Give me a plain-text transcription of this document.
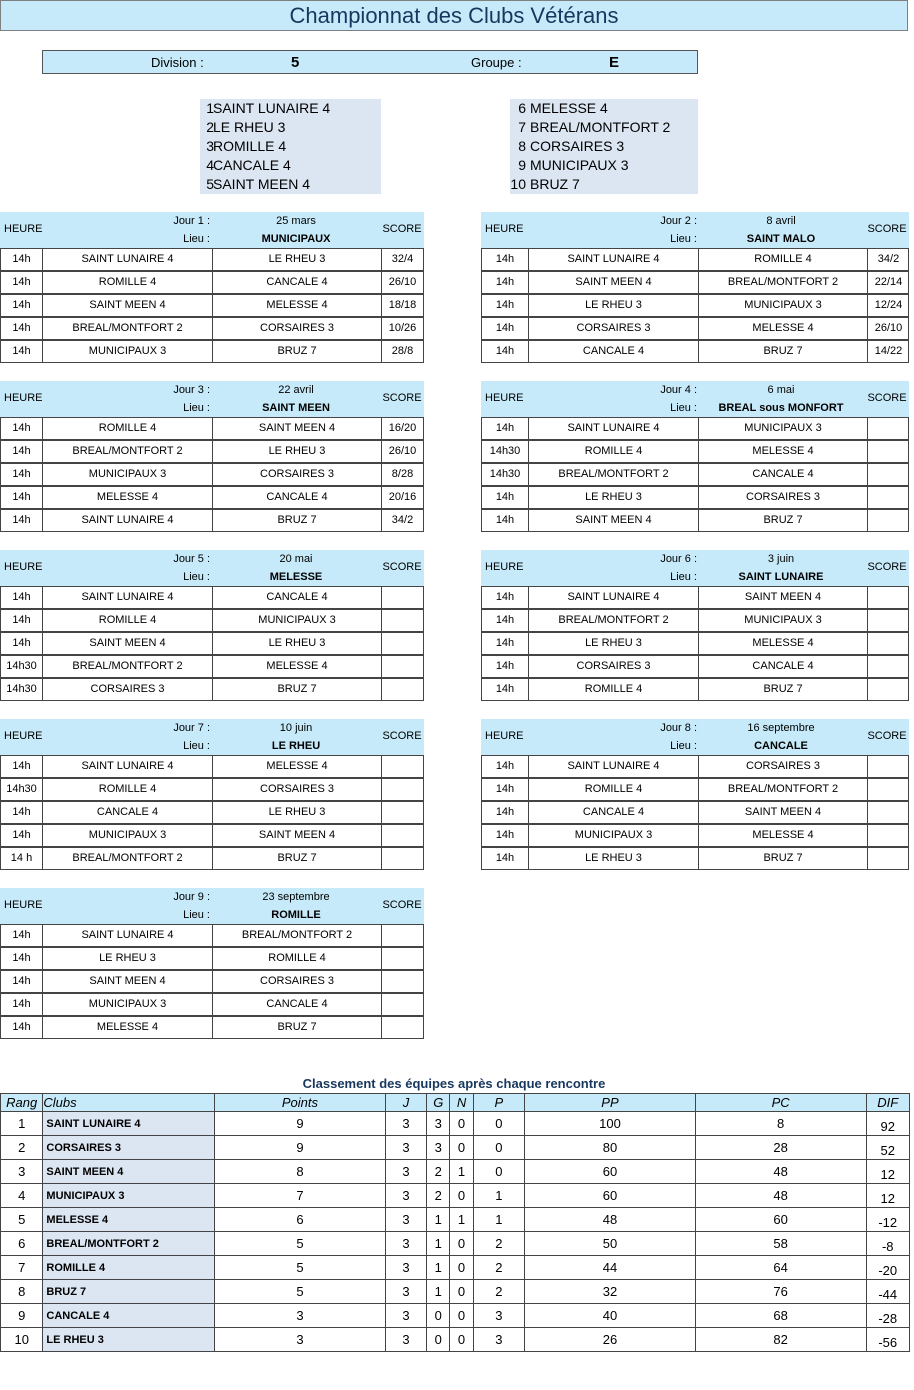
Championnat des Clubs Vétérans
Division :	5	Groupe :	E
1 SAINT LUNAIRE 4
2 LE RHEU 3
3 ROMILLE 4
4 CANCALE 4
5 SAINT MEEN 4
6 MELESSE 4
7 BREAL/MONTFORT 2
8 CORSAIRES 3
9 MUNICIPAUX 3
10 BRUZ 7
HEURE
Jour 1 :
Lieu :
25 mars
MUNICIPAUX
SCORE
14h	SAINT LUNAIRE 4	LE RHEU 3	32/4
14h	ROMILLE 4	CANCALE 4	26/10
14h	SAINT MEEN 4	MELESSE 4	18/18
14h	BREAL/MONTFORT 2	CORSAIRES 3	10/26
14h	MUNICIPAUX 3	BRUZ 7	28/8
HEURE
Jour 2 :
Lieu :
8 avril
SAINT MALO
SCORE
14h	SAINT LUNAIRE 4	ROMILLE 4	34/2
14h	SAINT MEEN 4	BREAL/MONTFORT 2	22/14
14h	LE RHEU 3	MUNICIPAUX 3	12/24
14h	CORSAIRES 3	MELESSE 4	26/10
14h	CANCALE 4	BRUZ 7	14/22
HEURE
Jour 3 :
Lieu :
22 avril
SAINT MEEN
SCORE
14h	ROMILLE 4	SAINT MEEN 4	16/20
14h	BREAL/MONTFORT 2	LE RHEU 3	26/10
14h	MUNICIPAUX 3	CORSAIRES 3	8/28
14h	MELESSE 4	CANCALE 4	20/16
14h	SAINT LUNAIRE 4	BRUZ 7	34/2
HEURE
Jour 4 :
Lieu :
6 mai
BREAL sous MONFORT
SCORE
14h	SAINT LUNAIRE 4	MUNICIPAUX 3
14h30	ROMILLE 4	MELESSE 4
14h30	BREAL/MONTFORT 2	CANCALE 4
14h	LE RHEU 3	CORSAIRES 3
14h	SAINT MEEN 4	BRUZ 7
HEURE
Jour 5 :
Lieu :
20 mai
MELESSE
SCORE
14h	SAINT LUNAIRE 4	CANCALE 4
14h	ROMILLE 4	MUNICIPAUX 3
14h	SAINT MEEN 4	LE RHEU 3
14h30	BREAL/MONTFORT 2	MELESSE 4
14h30	CORSAIRES 3	BRUZ 7
HEURE
Jour 6 :
Lieu :
3 juin
SAINT LUNAIRE
SCORE
14h	SAINT LUNAIRE 4	SAINT MEEN 4
14h	BREAL/MONTFORT 2	MUNICIPAUX 3
14h	LE RHEU 3	MELESSE 4
14h	CORSAIRES 3	CANCALE 4
14h	ROMILLE 4	BRUZ 7
HEURE
Jour 7 :
Lieu :
10 juin
LE RHEU
SCORE
14h	SAINT LUNAIRE 4	MELESSE 4
14h30	ROMILLE 4	CORSAIRES 3
14h	CANCALE 4	LE RHEU 3
14h	MUNICIPAUX 3	SAINT MEEN 4
14 h	BREAL/MONTFORT 2	BRUZ 7
HEURE
Jour 8 :
Lieu :
16 septembre
CANCALE
SCORE
14h	SAINT LUNAIRE 4	CORSAIRES 3
14h	ROMILLE 4	BREAL/MONTFORT 2
14h	CANCALE 4	SAINT MEEN 4
14h	MUNICIPAUX 3	MELESSE 4
14h	LE RHEU 3	BRUZ 7
HEURE
Jour 9 :
Lieu :
23 septembre
ROMILLE
SCORE
14h	SAINT LUNAIRE 4	BREAL/MONTFORT 2
14h	LE RHEU 3	ROMILLE 4
14h	SAINT MEEN 4	CORSAIRES 3
14h	MUNICIPAUX 3	CANCALE 4
14h	MELESSE 4	BRUZ 7
Classement des équipes après chaque rencontre
Rang	Clubs	Points	J	G	N	P	PP	PC	DIF
1	SAINT LUNAIRE 4	9	3	3	0	0	100	8	92
2	CORSAIRES 3	9	3	3	0	0	80	28	52
3	SAINT MEEN 4	8	3	2	1	0	60	48	12
4	MUNICIPAUX 3	7	3	2	0	1	60	48	12
5	MELESSE 4	6	3	1	1	1	48	60	-12
6	BREAL/MONTFORT 2	5	3	1	0	2	50	58	-8
7	ROMILLE 4	5	3	1	0	2	44	64	-20
8	BRUZ 7	5	3	1	0	2	32	76	-44
9	CANCALE 4	3	3	0	0	3	40	68	-28
10	LE RHEU 3	3	3	0	0	3	26	82	-56
